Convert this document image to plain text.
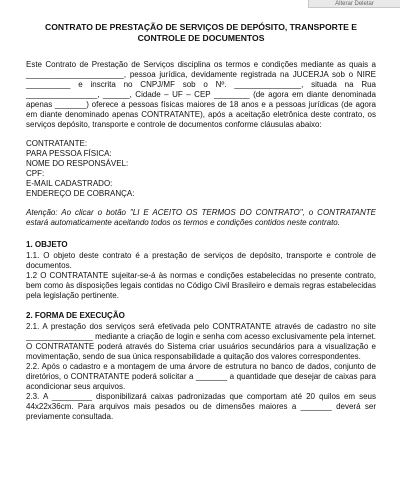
Alterar Deletar
CONTRATO DE PRESTAÇÃO DE SERVIÇOS DE DEPÓSITO, TRANSPORTE E CONTROLE DE DOCUMENTOS

Este Contrato de Prestação de Serviços disciplina os termos e condições mediante as quais a ______________________, pessoa jurídica, devidamente registrada na JUCERJA sob o NIRE __________ e inscrita no CNPJ/MF sob o Nº. _______________, situada na Rua ________________, ______, Cidade – UF – CEP ________ (de agora em diante denominada apenas _______) oferece a pessoas físicas maiores de 18 anos e a pessoas jurídicas (de agora em diante denominado apenas CONTRATANTE), após a aceitação eletrônica deste contrato, os serviços depósito, transporte e controle de documentos conforme cláusulas abaixo:

CONTRATANTE:
PARA PESSOA FÍSICA:
NOME DO RESPONSÁVEL:
CPF:
E-MAIL CADASTRADO:
ENDEREÇO DE COBRANÇA:

Atenção: Ao clicar o botão "LI E ACEITO OS TERMOS DO CONTRATO", o CONTRATANTE estará automaticamente aceitando todos os termos e condições contidos neste contrato.

1. OBJETO

1.1. O objeto deste contrato é a prestação de serviços de depósito, transporte e controle de documentos.

1.2 O CONTRATANTE sujeitar-se-á às normas e condições estabelecidas no presente contrato, bem como às disposições legais contidas no Código Civil Brasileiro e demais regras estabelecidas pela legislação pertinente.

2. FORMA DE EXECUÇÃO

2.1. A prestação dos serviços será efetivada pelo CONTRATANTE através de cadastro no site _______________ mediante a criação de login e senha com acesso exclusivamente pela internet. O CONTRATANTE poderá através do Sistema criar usuários secundários para a visualização e movimentação, sendo de sua única responsabilidade a quitação dos valores correspondentes.

2.2. Após o cadastro e a montagem de uma árvore de estrutura no banco de dados, conjunto de diretórios, o CONTRATANTE poderá solicitar a _______ a quantidade que desejar de caixas para acondicionar seus arquivos.

2.3. A _________ disponibilizará caixas padronizadas que comportam até 20 quilos em seus 44x22x36cm. Para arquivos mais pesados ou de dimensões maiores a _______ deverá ser previamente consultada.
